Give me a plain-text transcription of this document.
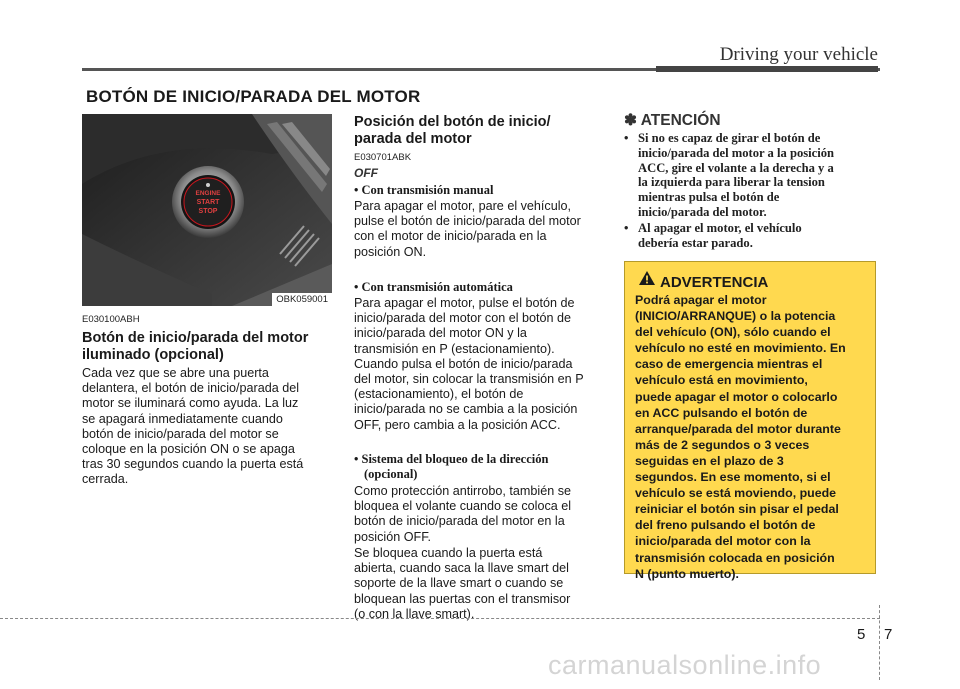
Driving your vehicle
BOTÓN DE INICIO/PARADA DEL MOTOR
ENGINE
START
STOP
OBK059001
E030100ABH
Botón de inicio/parada del motor
iluminado (opcional)
Cada vez que se abre una puerta
delantera, el botón de inicio/parada del
motor se iluminará como ayuda. La luz
se apagará inmediatamente cuando
botón de inicio/parada del motor se
coloque en la posición ON o se apaga
tras 30 segundos cuando la puerta está
cerrada.
Posición del botón de inicio/
parada del motor
E030701ABK
OFF
• Con transmisión manual
Para apagar el motor, pare el vehículo,
pulse el botón de inicio/parada del motor
con el motor de inicio/parada en la
posición ON.
• Con transmisión automática
Para apagar el motor, pulse el botón de
inicio/parada del motor con el botón de
inicio/parada del motor ON y la
transmisión en P (estacionamiento).
Cuando pulsa el botón de inicio/parada
del motor, sin colocar la transmisión en P
(estacionamiento), el botón de
inicio/parada no se cambia a la posición
OFF, pero cambia a la posición ACC.
• Sistema del bloqueo de la dirección
(opcional)
Como protección antirrobo, también se
bloquea el volante cuando se coloca el
botón de inicio/parada del motor en la
posición OFF.
Se bloquea cuando la puerta está
abierta, cuando saca la llave smart del
soporte de la llave smart o cuando se
bloquean las puertas con el transmisor
(o con la llave smart).
✽ ATENCIÓN
• Si no es capaz de girar el botón de
inicio/parada del motor a la posición
ACC, gire el volante a la derecha y a
la izquierda para liberar la tension
mientras pulsa el botón de
inicio/parada del motor.
• Al apagar el motor, el vehículo
debería estar parado.
ADVERTENCIA
Podrá apagar el motor
(INICIO/ARRANQUE) o la potencia
del vehículo (ON), sólo cuando el
vehículo no esté en movimiento. En
caso de emergencia mientras el
vehículo está en movimiento,
puede apagar el motor o colocarlo
en ACC pulsando el botón de
arranque/parada del motor durante
más de 2 segundos o 3 veces
seguidas en el plazo de 3
segundos. En ese momento, si el
vehículo se está moviendo, puede
reiniciar el botón sin pisar el pedal
del freno pulsando el botón de
inicio/parada del motor con la
transmisión colocada en posición
N (punto muerto).
5 7
carmanualsonline.info
